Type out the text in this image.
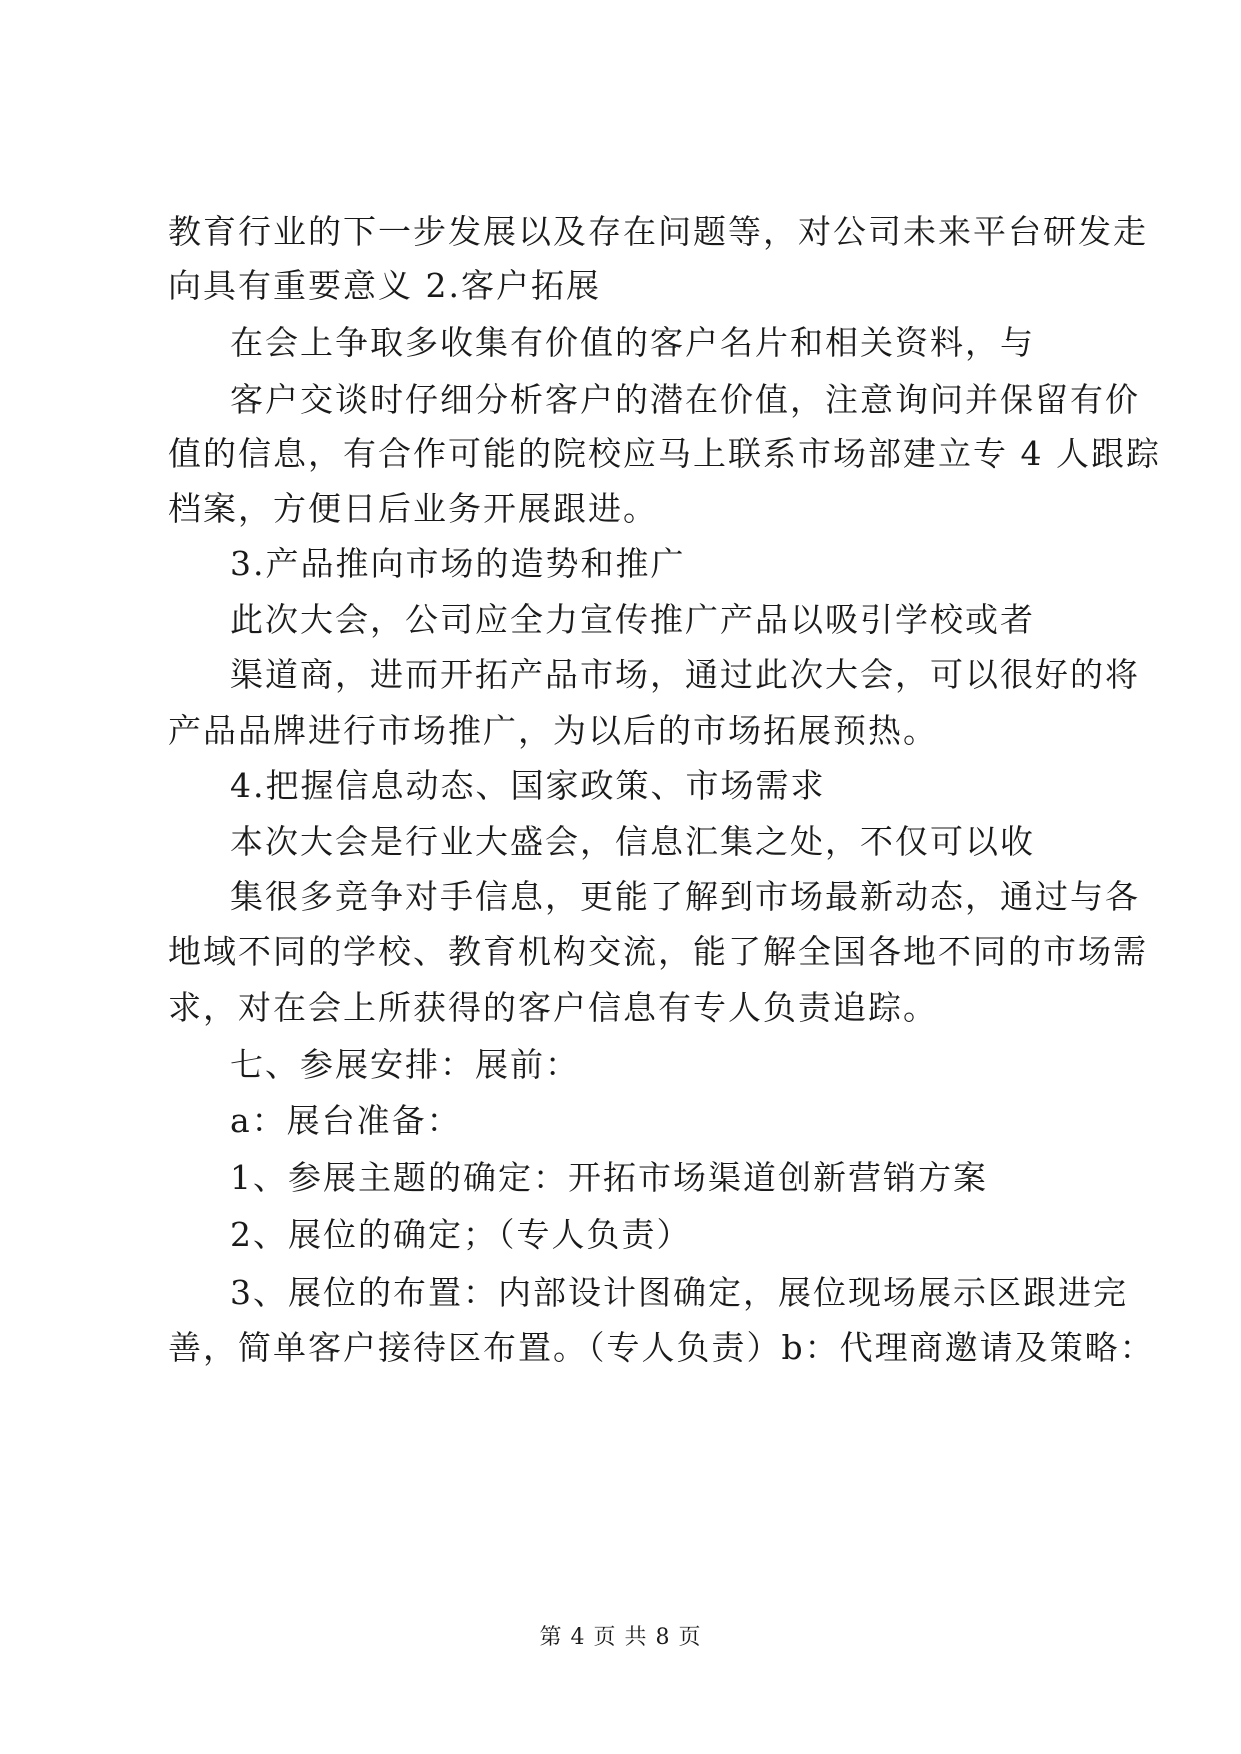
教育行业的下一步发展以及存在问题等，对公司未来平台研发走
向具有重要意义 2.客户拓展
在会上争取多收集有价值的客户名片和相关资料，与
客户交谈时仔细分析客户的潜在价值，注意询问并保留有价
值的信息，有合作可能的院校应马上联系市场部建立专 4 人跟踪
档案，方便日后业务开展跟进。
3.产品推向市场的造势和推广
此次大会，公司应全力宣传推广产品以吸引学校或者
渠道商，进而开拓产品市场，通过此次大会，可以很好的将
产品品牌进行市场推广，为以后的市场拓展预热。
4.把握信息动态、国家政策、市场需求
本次大会是行业大盛会，信息汇集之处，不仅可以收
集很多竞争对手信息，更能了解到市场最新动态，通过与各
地域不同的学校、教育机构交流，能了解全国各地不同的市场需
求，对在会上所获得的客户信息有专人负责追踪。
七、参展安排：展前：
a：展台准备：
1、参展主题的确定：开拓市场渠道创新营销方案
2、展位的确定；（专人负责）
3、展位的布置：内部设计图确定，展位现场展示区跟进完
善，简单客户接待区布置。（专人负责）b：代理商邀请及策略：
第 4 页 共 8 页
